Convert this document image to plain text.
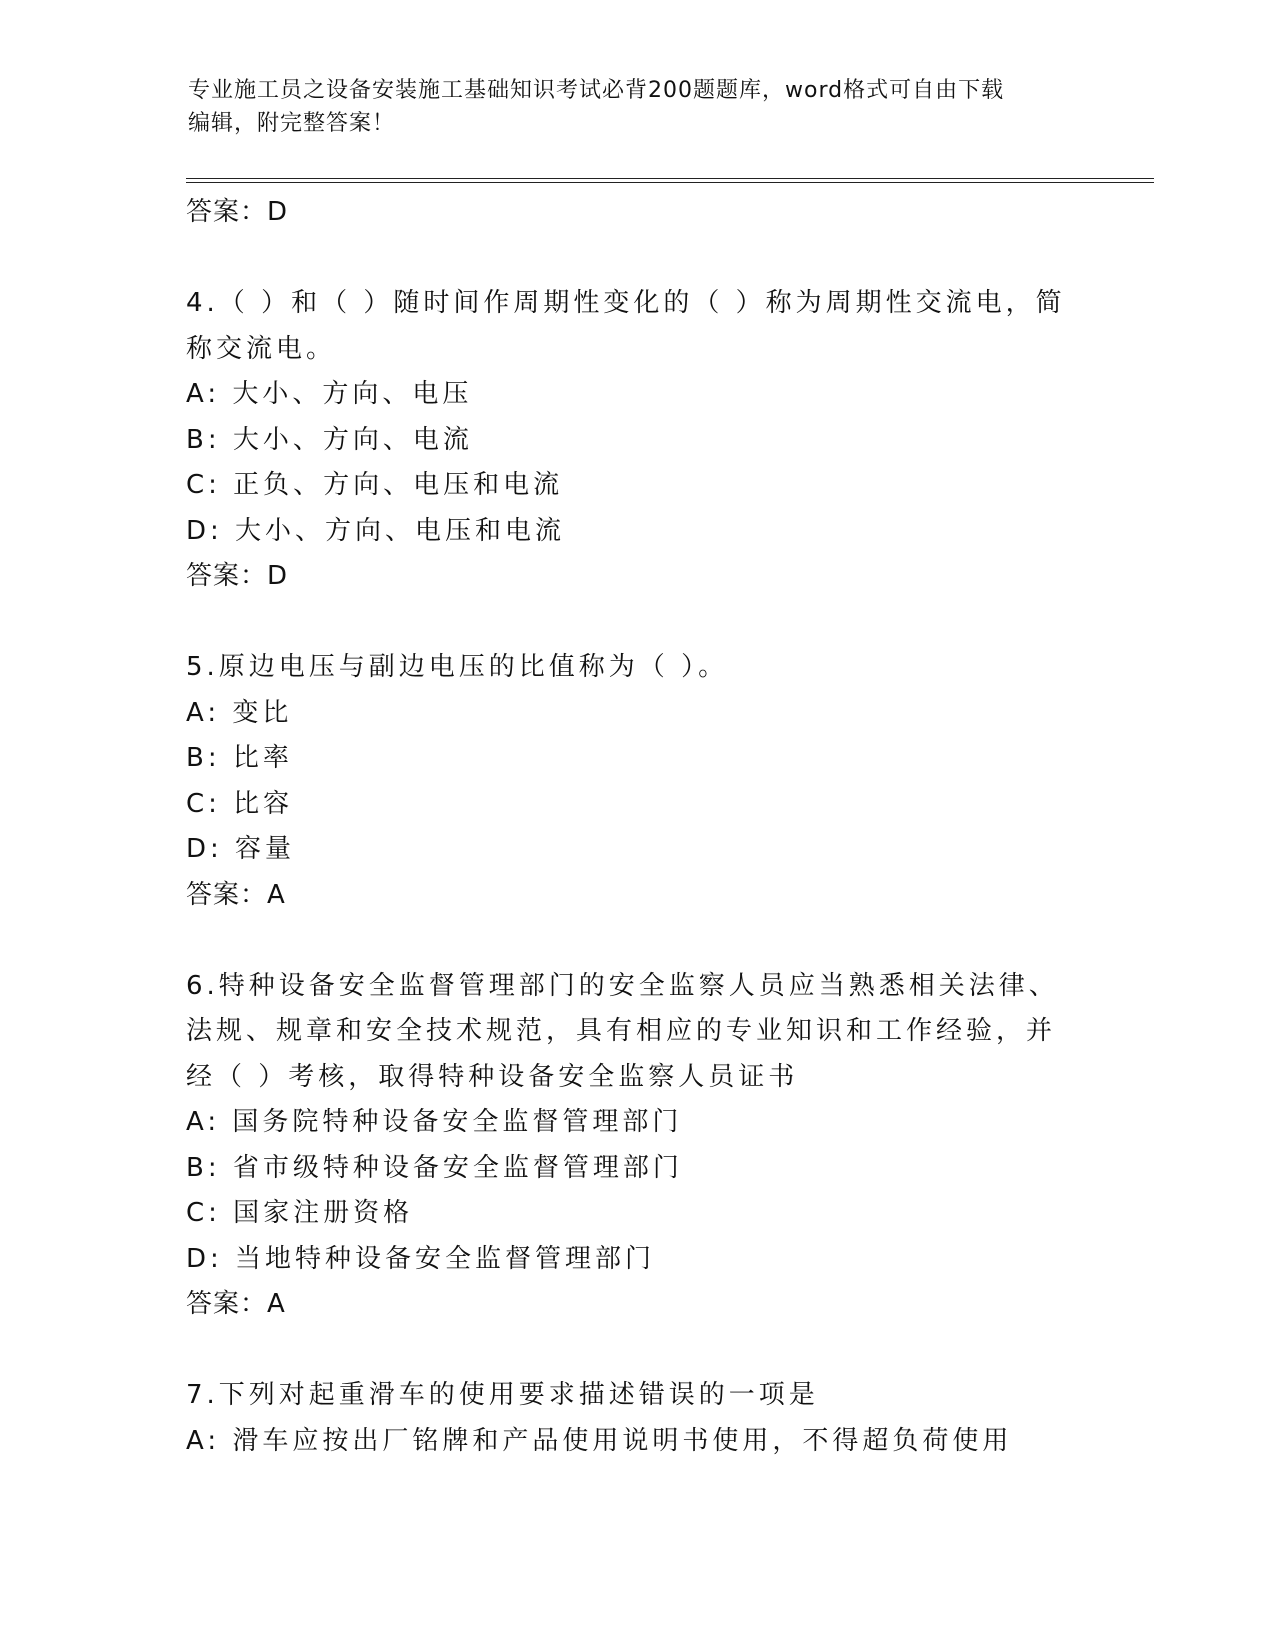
专业施工员之设备安装施工基础知识考试必背200题题库，word格式可自由下载
编辑，附完整答案！
答案：D
4.（ ）和（ ）随时间作周期性变化的（ ）称为周期性交流电，简称交流电。
A: 大小、方向、电压
B: 大小、方向、电流
C: 正负、方向、电压和电流
D: 大小、方向、电压和电流
答案：D
5.原边电压与副边电压的比值称为（ ）。
A: 变比
B: 比率
C: 比容
D: 容量
答案：A
6.特种设备安全监督管理部门的安全监察人员应当熟悉相关法律、法规、规章和安全技术规范，具有相应的专业知识和工作经验，并经（ ）考核，取得特种设备安全监察人员证书
A: 国务院特种设备安全监督管理部门
B: 省市级特种设备安全监督管理部门
C: 国家注册资格
D: 当地特种设备安全监督管理部门
答案：A
7.下列对起重滑车的使用要求描述错误的一项是
A: 滑车应按出厂铭牌和产品使用说明书使用，不得超负荷使用
